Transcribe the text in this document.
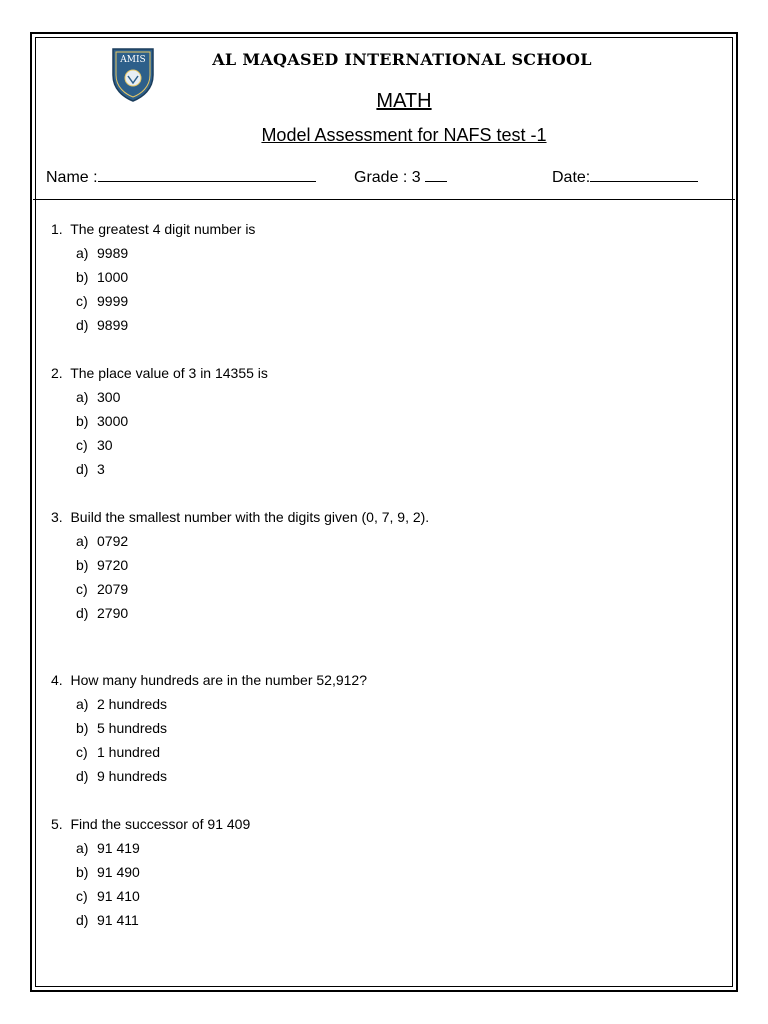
AMIS	AL MAQASED INTERNATIONAL SCHOOL
MATH
Model Assessment for NAFS test -1
Name :	Grade : 3	Date:
1. The greatest 4 digit number is
a) 9989
b) 1000
c) 9999
d) 9899
2. The place value of 3 in 14355 is
a) 300
b) 3000
c) 30
d) 3
3. Build the smallest number with the digits given (0, 7, 9, 2).
a) 0792
b) 9720
c) 2079
d) 2790
4. How many hundreds are in the number 52,912?
a) 2 hundreds
b) 5 hundreds
c) 1 hundred
d) 9 hundreds
5. Find the successor of 91 409
a) 91 419
b) 91 490
c) 91 410
d) 91 411
